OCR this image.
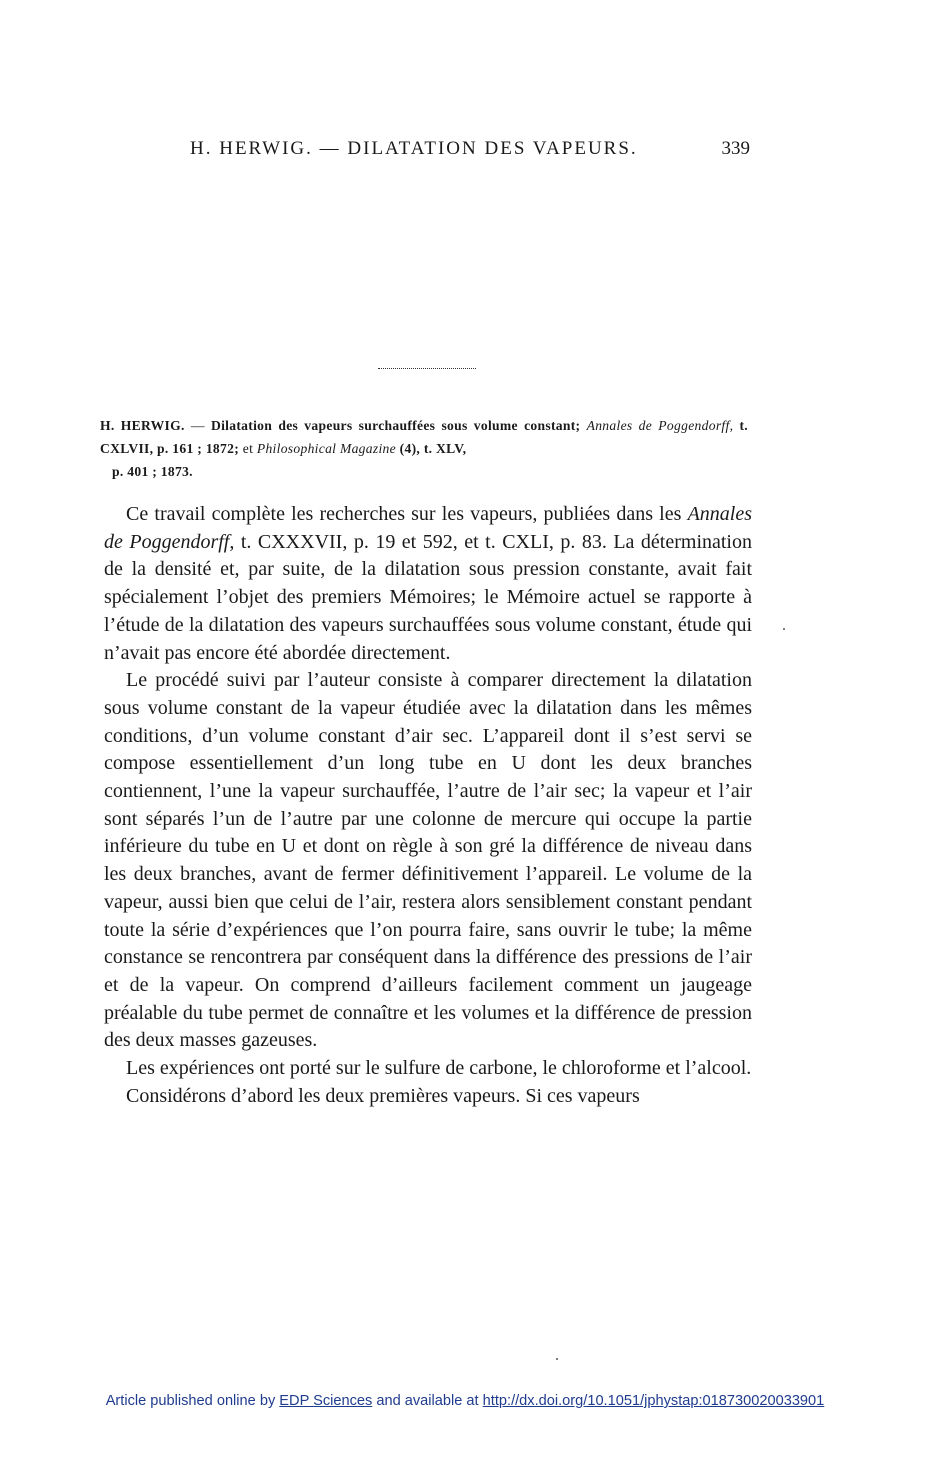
H. HERWIG. — DILATATION DES VAPEURS.	339
H. HERWIG. — Dilatation des vapeurs surchauffées sous volume constant; Annales de Poggendorff, t. CXLVII, p. 161 ; 1872; et Philosophical Magazine (4), t. XLV,
p. 401 ; 1873.

Ce travail complète les recherches sur les vapeurs, publiées dans les Annales de Poggendorff, t. CXXXVII, p. 19 et 592, et t. CXLI, p. 83. La détermination de la densité et, par suite, de la dilatation sous pression constante, avait fait spécialement l’objet des premiers Mémoires; le Mémoire actuel se rapporte à l’étude de la dilatation des vapeurs surchauffées sous volume constant, étude qui n’avait pas encore été abordée directement.

Le procédé suivi par l’auteur consiste à comparer directement la dilatation sous volume constant de la vapeur étudiée avec la dilatation dans les mêmes conditions, d’un volume constant d’air sec. L’appareil dont il s’est servi se compose essentiellement d’un long tube en U dont les deux branches contiennent, l’une la vapeur surchauffée, l’autre de l’air sec; la vapeur et l’air sont séparés l’un de l’autre par une colonne de mercure qui occupe la partie inférieure du tube en U et dont on règle à son gré la différence de niveau dans les deux branches, avant de fermer définitivement l’appareil. Le volume de la vapeur, aussi bien que celui de l’air, restera alors sensiblement constant pendant toute la série d’expériences que l’on pourra faire, sans ouvrir le tube; la même constance se rencontrera par conséquent dans la différence des pressions de l’air et de la vapeur. On comprend d’ailleurs facilement comment un jaugeage préalable du tube permet de connaître et les volumes et la différence de pression des deux masses gazeuses.

Les expériences ont porté sur le sulfure de carbone, le chloroforme et l’alcool.

Considérons d’abord les deux premières vapeurs. Si ces vapeurs

Article published online by EDP Sciences and available at http://dx.doi.org/10.1051/jphystap:018730020033901
